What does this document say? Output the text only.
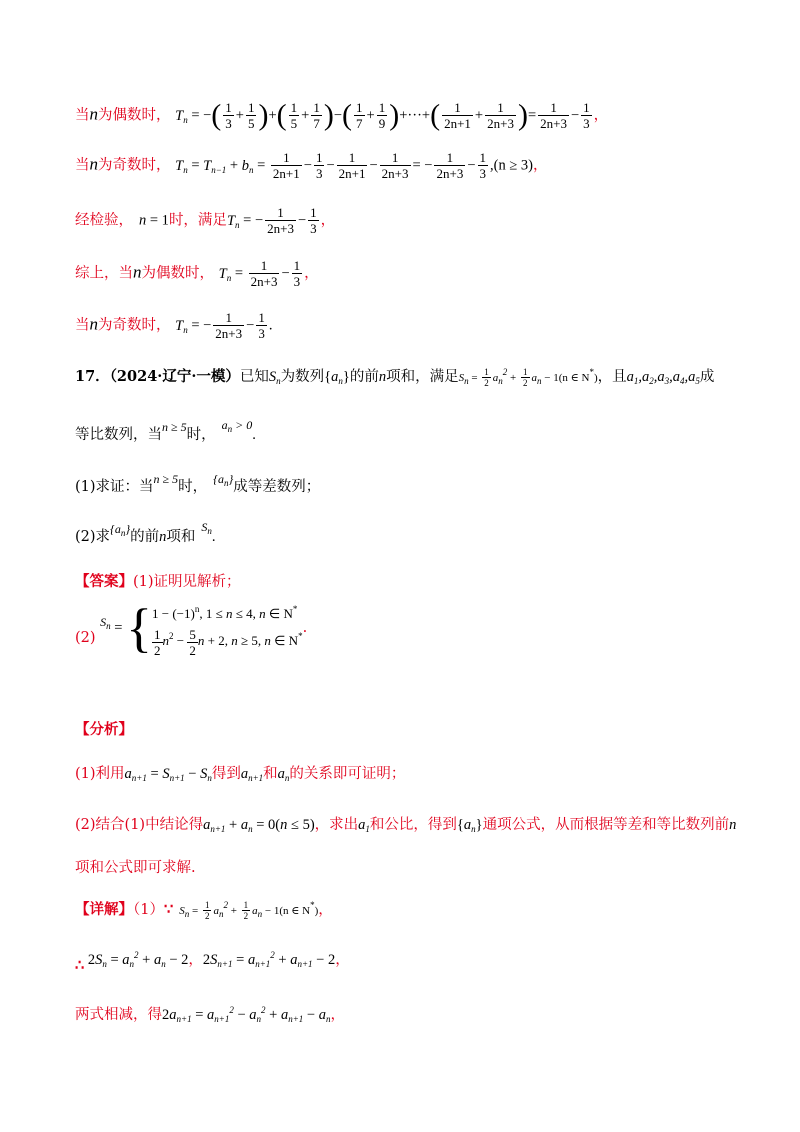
当n为偶数时， $T_n$ = −( $\frac{1}{3} + \frac{1}{5}$ )+( $\frac{1}{5} + \frac{1}{7}$ )−( $\frac{1}{7} + \frac{1}{9}$ )+···+( $\frac{1}{2n+1} + \frac{1}{2n+3}$ )= $\frac{1}{2n+3} - \frac{1}{3}$ ，
当n为奇数时， $T_n = T_{n-1} + b_n = \frac{1}{2n+1} - \frac{1}{3} - \frac{1}{2n+1} - \frac{1}{2n+3}$ = − $\frac{1}{2n+3} - \frac{1}{3} ,(n \ge 3)$，
经检验， n = 1时，满足$T_n$ = − $\frac{1}{2n+3} - \frac{1}{3}$ ，
综上，当n为偶数时， $T_n = \frac{1}{2n+3} - \frac{1}{3}$ ，
当n为奇数时， $T_n$ = − $\frac{1}{2n+3} - \frac{1}{3}$ .
17．（2024·辽宁·一模）已知$S_n$为数列$\{a_n\}$的前n项和，满足$S_n = \frac{1}{2} a_n^2 + \frac{1}{2} a_n - 1(n$ ∈ N*)，且$a_1,a_2,a_3,a_4,a_5$成
等比数列，当$^{n \ge 5}$时，$^{a_n > 0}$.
(1)求证：当$^{n \ge 5}$时， $^{\{a_n\}}$成等差数列；
(2)求$^{\{a_n\}}$的前n项和$^{S_n}$.
【答案】(1)证明见解析；
(2) $^{S_n}$ = { $1 - (-1)^n$, 1 ≤ n ≤ 4, n ∈ N*
$\frac{1}{2} n^2 - \frac{5}{2}$ n + 2, n ≥ 5, n ∈ N*
.
【分析】
(1)利用$a_{n+1} = S_{n+1} - S_n$得到$a_{n+1}$和$a_n$的关系即可证明；
(2)结合(1)中结论得$a_{n+1} + a_n = 0(n \le 5)$，求出$a_1$和公比，得到$\{a_n\}$通项公式，从而根据等差和等比数列前n
项和公式即可求解.
【详解】（1）∵ $S_n = \frac{1}{2} a_n^2 + \frac{1}{2} a_n - 1(n$ ∈ N*)，
∴ $2S_n = a_n^2 + a_n - 2$，$2S_{n+1} = a_{n+1}^2 + a_{n+1} - 2$，
两式相减，得$2a_{n+1} = a_{n+1}^2 - a_n^2 + a_{n+1} - a_n$，
